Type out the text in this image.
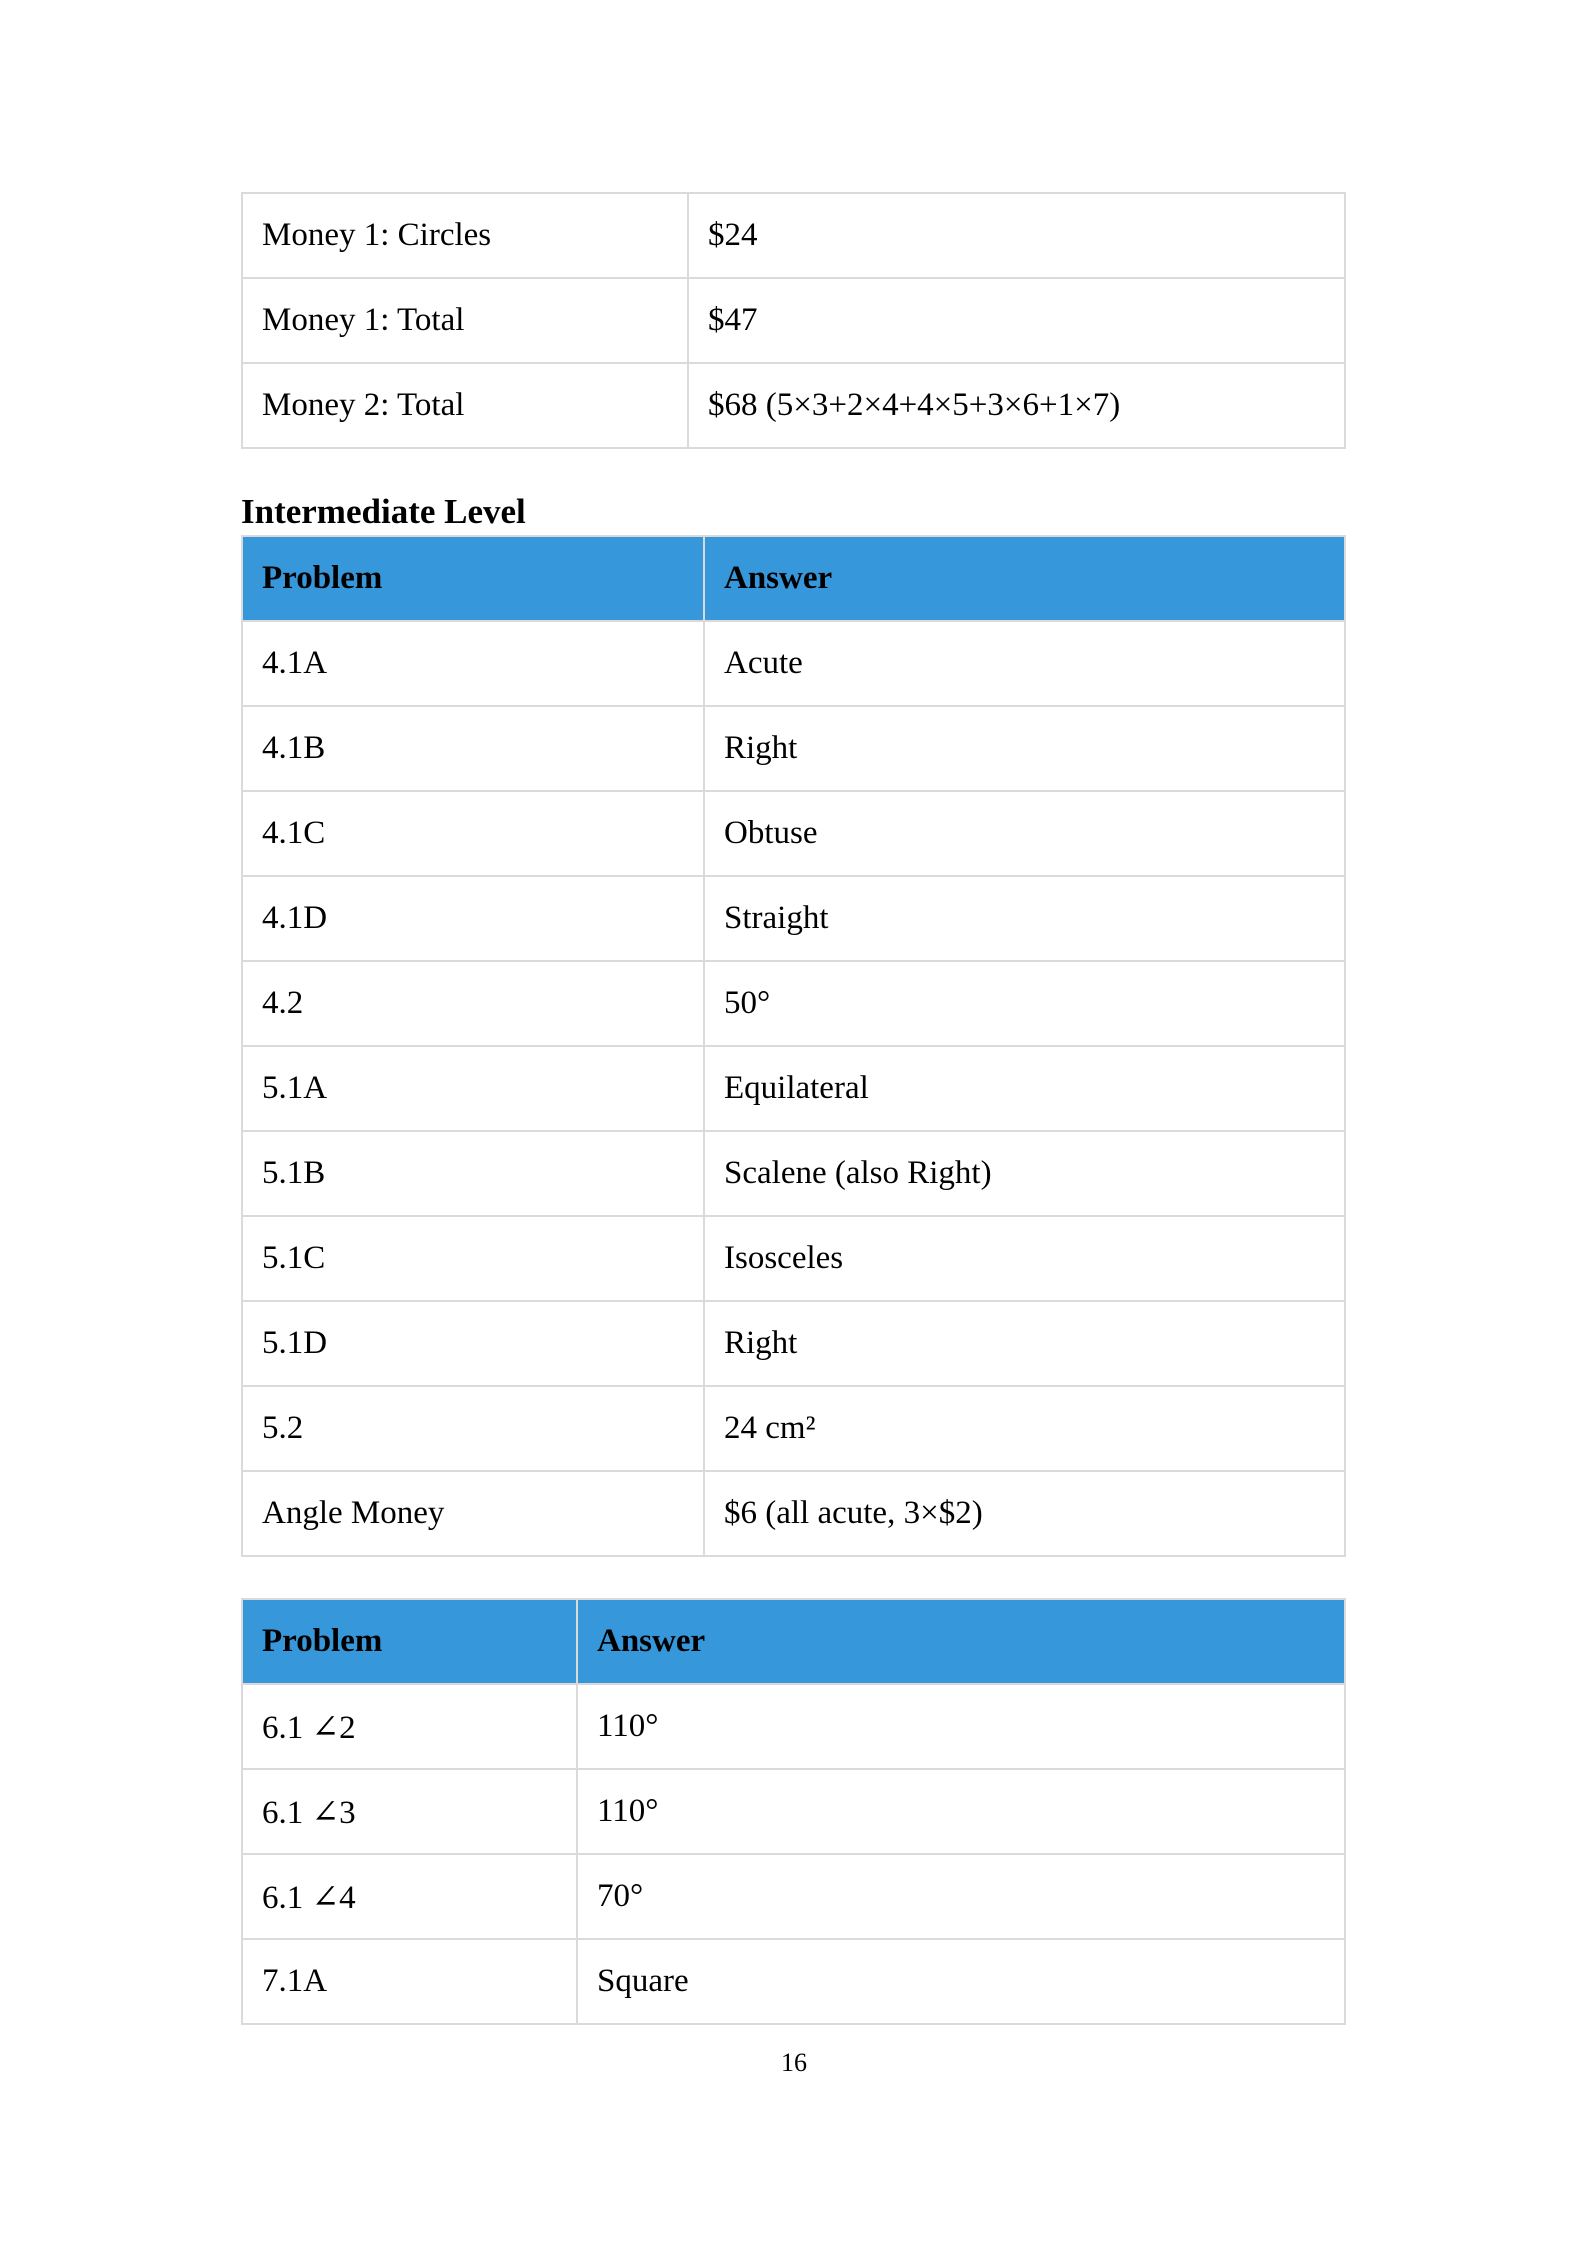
Money 1: Circles	$24
Money 1: Total	$47
Money 2: Total	$68 (5×3+2×4+4×5+3×6+1×7)
Intermediate Level
Problem	Answer
4.1A	Acute
4.1B	Right
4.1C	Obtuse
4.1D	Straight
4.2	50°
5.1A	Equilateral
5.1B	Scalene (also Right)
5.1C	Isosceles
5.1D	Right
5.2	24 cm²
Angle Money	$6 (all acute, 3×$2)
Problem	Answer
6.1 ∠2	110°
6.1 ∠3	110°
6.1 ∠4	70°
7.1A	Square
16
